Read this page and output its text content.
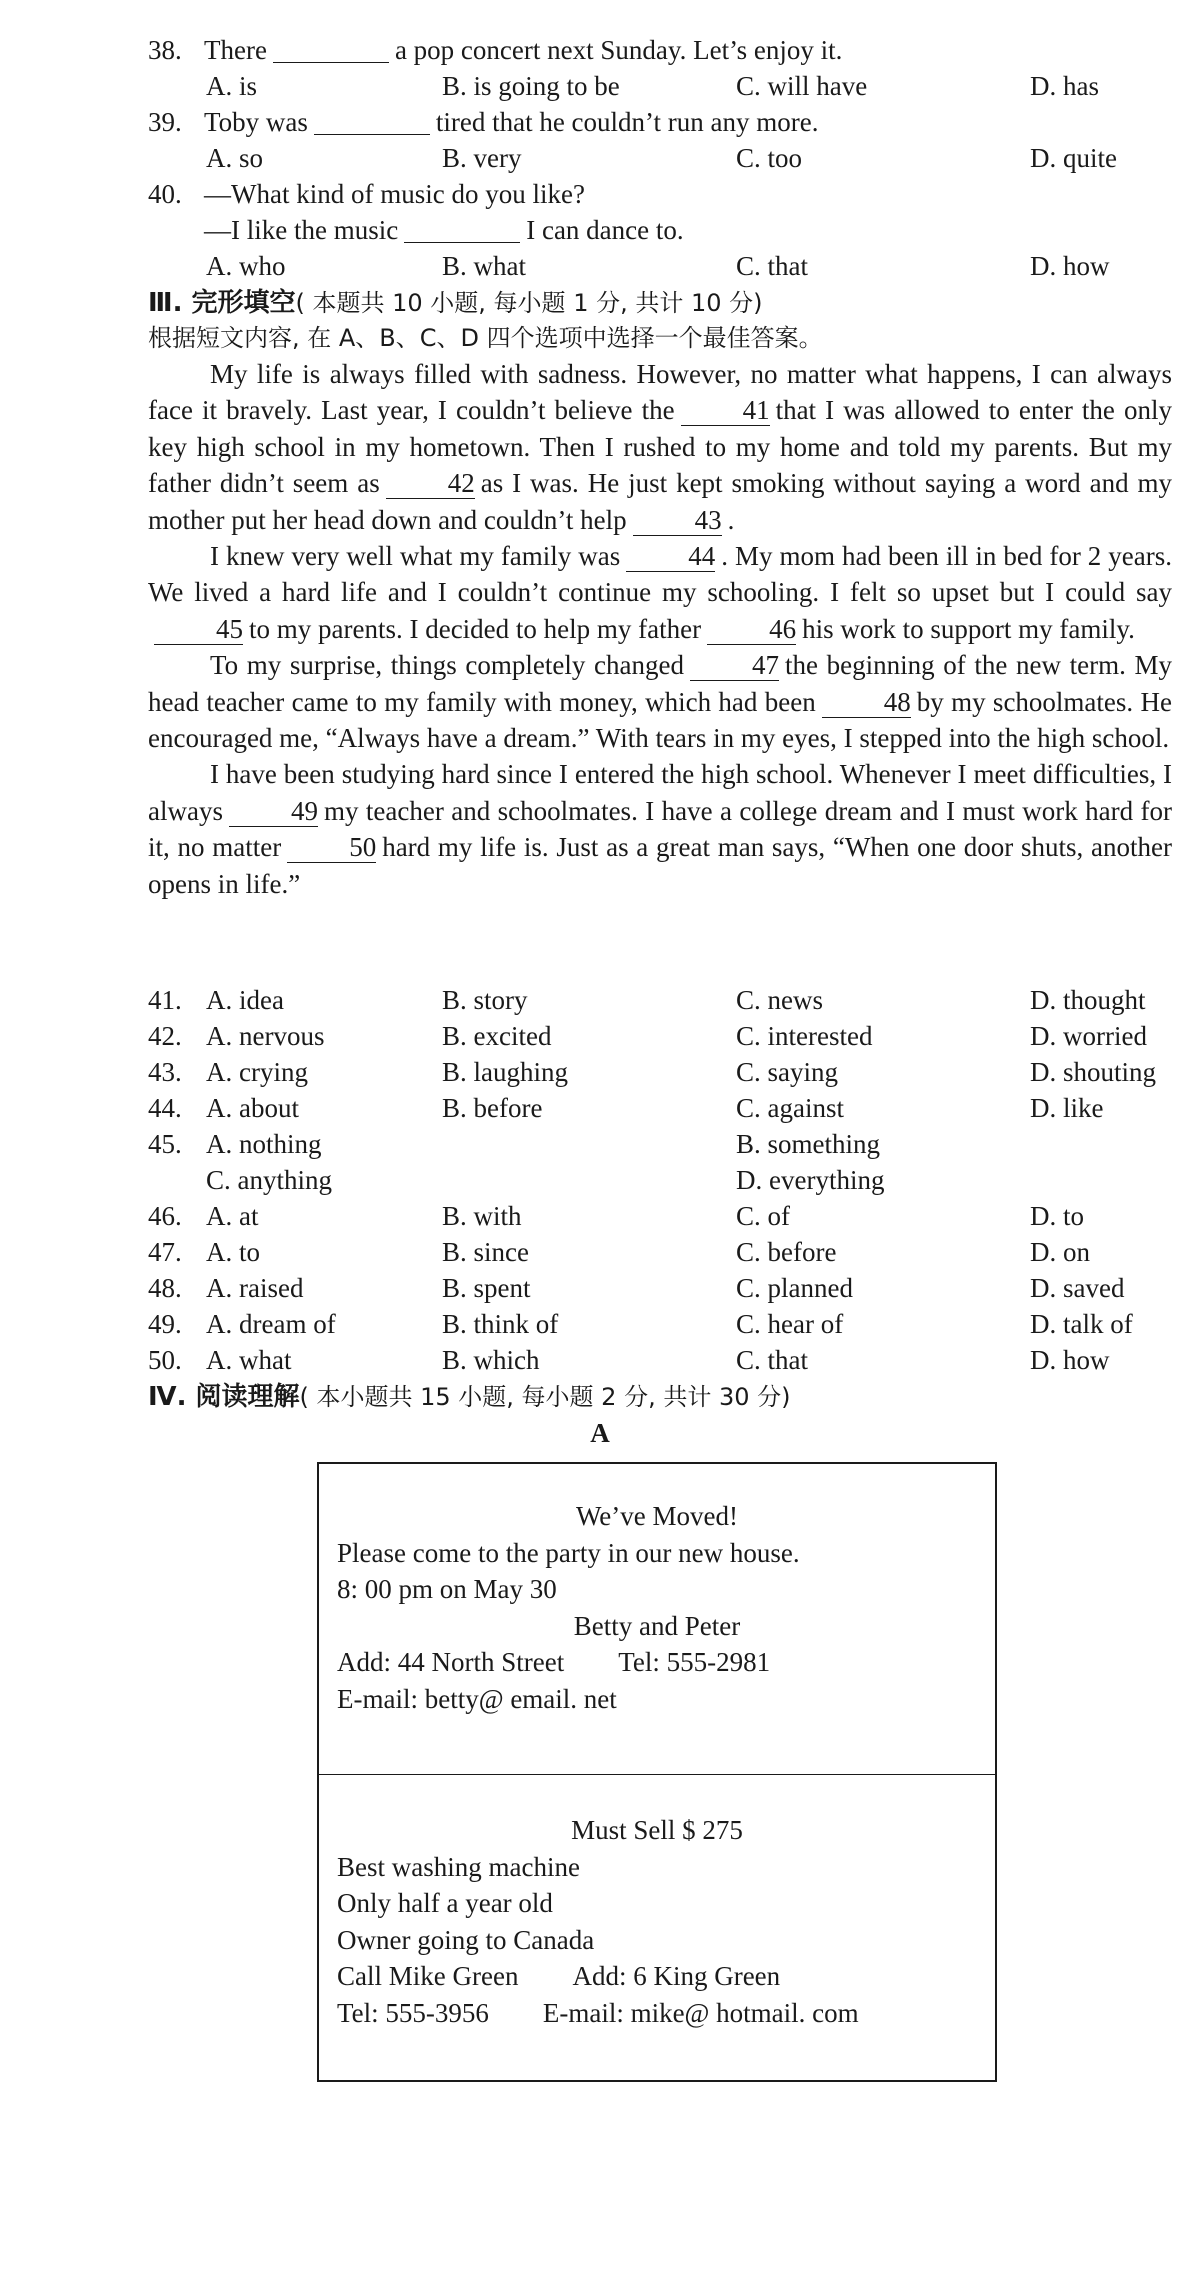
38. There	a pop concert next Sunday. Let’s enjoy it.
A. is	B. is going to be	C. will have	D. has
39. Toby was	tired that he couldn’t run any more.
A. so	B. very	C. too	D. quite
40. —What kind of music do you like?
—I like the music	I can dance to.
A. who	B. what	C. that	D. how
Ⅲ. 完形填空( 本题共 10 小题, 每小题 1 分, 共计 10 分)
根据短文内容, 在 A、B、C、D 四个选项中选择一个最佳答案。

My life is always filled with sadness. However, no matter what happens, I can always face it bravely. Last year, I couldn’t believe the	41 that I was allowed to enter the only key high school in my hometown. Then I rushed to my home and told my parents. But my father didn’t seem as	42 as I was. He just kept smoking without saying a word and my mother put her head down and couldn’t help	43 .

I knew very well what my family was	44 . My mom had been ill in bed for 2 years. We lived a hard life and I couldn’t continue my schooling. I felt so upset but I could say45 to my parents. I decided to help my father	46 his work to support my family.

To my surprise, things completely changed	47 the beginning of the new term. My head teacher came to my family with money, which had been	48 by my schoolmates. He encouraged me, “Always have a dream.” With tears in my eyes, I stepped into the high school.

I have been studying hard since I entered the high school. Whenever I meet difficulties, I always	49 my teacher and schoolmates. I have a college dream and I must work hard for it, no matter	50 hard my life is. Just as a great man says, “When one door shuts, another opens in life.”

41. A. idea	B. story	C. news	D. thought
42. A. nervous	B. excited	C. interested	D. worried
43. A. crying	B. laughing	C. saying	D. shouting
44. A. about	B. before	C. against	D. like
45. A. nothing	B. something
C. anything	D. everything
46. A. at	B. with	C. of	D. to
47. A. to	B. since	C. before	D. on
48. A. raised	B. spent	C. planned	D. saved
49. A. dream of	B. think of	C. hear of	D. talk of
50. A. what	B. which	C. that	D. how
Ⅳ. 阅读理解( 本小题共 15 小题, 每小题 2 分, 共计 30 分)
A
We’ve Moved!
Please come to the party in our new house.
8: 00 pm on May 30
Betty and Peter
Add: 44 North Street Tel: 555-2981
E-mail: betty@ email. net
Must Sell $ 275
Best washing machine
Only half a year old
Owner going to Canada
Call Mike Green Add: 6 King Green
Tel: 555-3956 E-mail: mike@ hotmail. com
